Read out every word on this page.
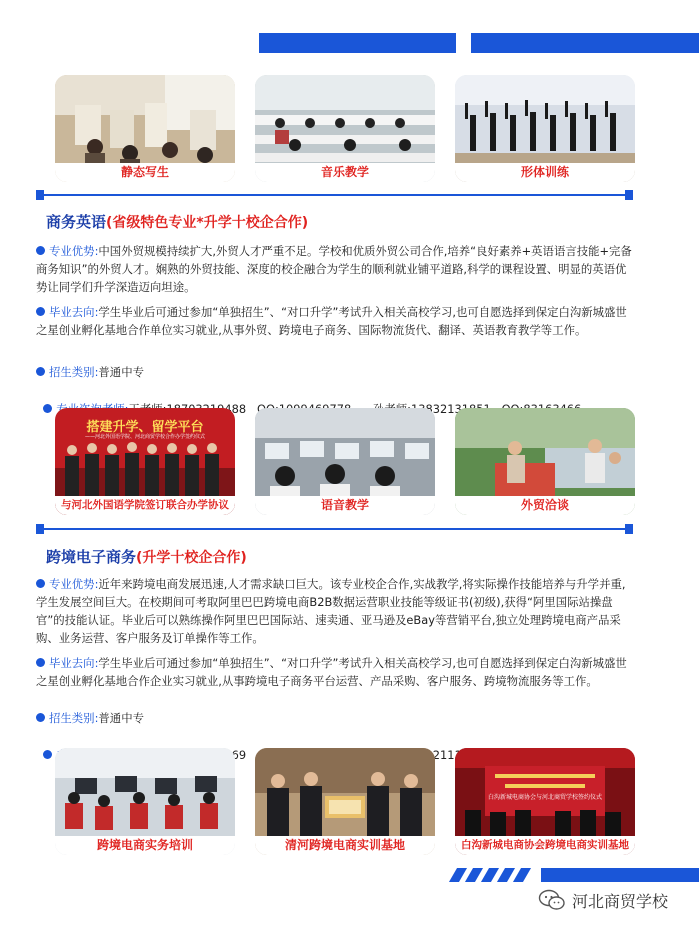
静态写生	音乐教学	形体训练
商务英语(省级特色专业*升学十校企合作)
专业优势:中国外贸规模持续扩大,外贸人才严重不足。学校和优质外贸公司合作,培养“良好素养+英语语言技能+完备商务知识”的外贸人才。娴熟的外贸技能、深度的校企融合为学生的顺利就业铺平道路,科学的课程设置、明显的英语优势让同学们升学深造迈向坦途。
毕业去向:学生毕业后可通过参加“单独招生”、“对口升学”考试升入相关高校学习,也可自愿选择到保定白沟新城盛世之星创业孵化基地合作单位实习就业,从事外贸、跨境电子商务、国际物流货代、翻译、英语教育教学等工作。
招生类别:普通中专

搭建升学、留学平台
——河北外国语学院、河北商贸学校合作办学签约仪式
与河北外国语学院签订联合办学协议	语音教学	外贸洽谈
跨境电子商务(升学十校企合作)
专业优势:近年来跨境电商发展迅速,人才需求缺口巨大。该专业校企合作,实战教学,将实际操作技能培养与升学并重,学生发展空间巨大。在校期间可考取阿里巴巴跨境电商B2B数据运营职业技能等级证书(初级),获得“阿里国际站操盘官”的技能认证。毕业后可以熟练操作阿里巴巴国际站、速卖通、亚马逊及eBay等营销平台,独立处理跨境电商产品采购、业务运营、客户服务及订单操作等工作。
毕业去向:学生毕业后可通过参加“单独招生”、“对口升学”考试升入相关高校学习,也可自愿选择到保定白沟新城盛世之星创业孵化基地合作企业实习就业,从事跨境电子商务平台运营、产品采购、客户服务、跨境物流服务等工作。
招生类别:普通中专

跨境电商实务培训	清河跨境电商实训基地
白沟新城电商协会与河北商贸学校签约仪式
白沟新城电商协会跨境电商实训基地
河北商贸学校
